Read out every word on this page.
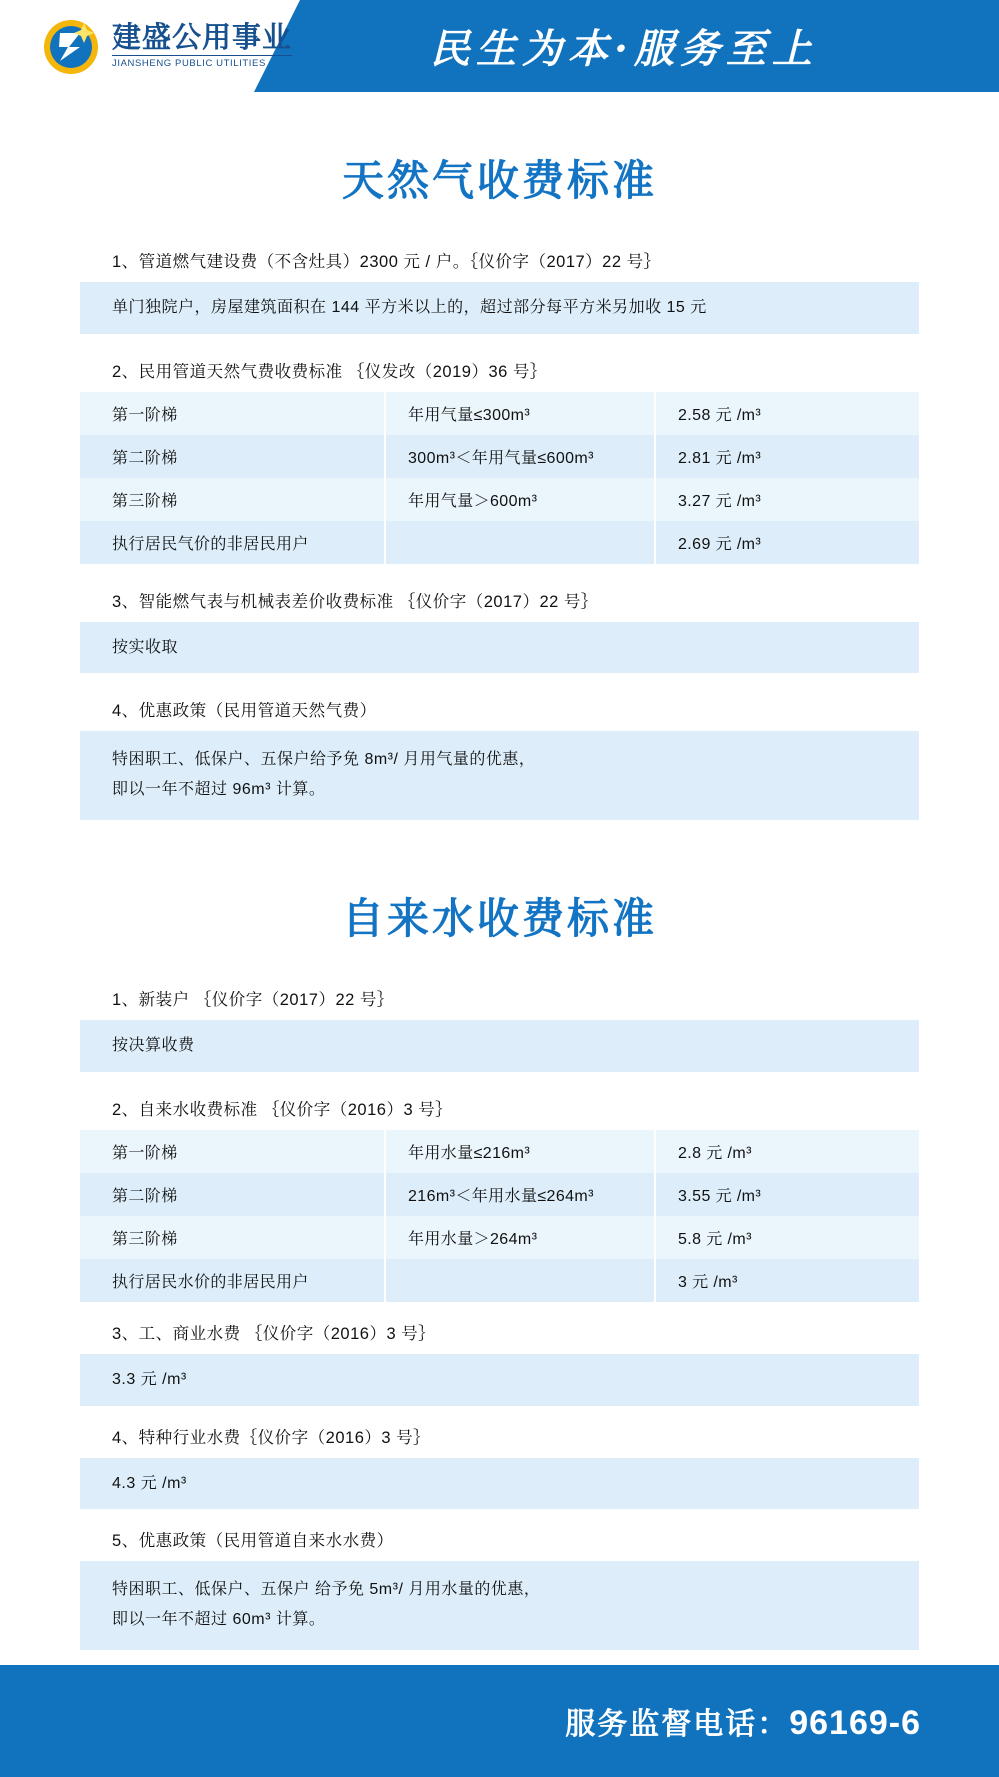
民生为本·服务至上
建盛公用事业
JIANSHENG PUBLIC UTILITIES
天然气收费标准
1、管道燃气建设费（不含灶具）2300 元 / 户。｛仪价字（2017）22 号｝
单门独院户，房屋建筑面积在 144 平方米以上的，超过部分每平方米另加收 15 元
2、民用管道天然气费收费标准 ｛仪发改（2019）36 号｝
第一阶梯	年用气量≤300m³	2.58 元 /m³
第二阶梯	300m³＜年用气量≤600m³	2.81 元 /m³
第三阶梯	年用气量＞600m³	3.27 元 /m³
执行居民气价的非居民用户		2.69 元 /m³
3、智能燃气表与机械表差价收费标准 ｛仪价字（2017）22 号｝
按实收取
4、优惠政策（民用管道天然气费）
特困职工、低保户、五保户给予免 8m³/ 月用气量的优惠，
即以一年不超过 96m³ 计算。
自来水收费标准
1、新装户 ｛仪价字（2017）22 号｝
按决算收费
2、自来水收费标准 ｛仪价字（2016）3 号｝
第一阶梯	年用水量≤216m³	2.8 元 /m³
第二阶梯	216m³＜年用水量≤264m³	3.55 元 /m³
第三阶梯	年用水量＞264m³	5.8 元 /m³
执行居民水价的非居民用户		3 元 /m³
3、工、商业水费 ｛仪价字（2016）3 号｝
3.3 元 /m³
4、特种行业水费｛仪价字（2016）3 号｝
4.3 元 /m³
5、优惠政策（民用管道自来水水费）
特困职工、低保户、五保户 给予免 5m³/ 月用水量的优惠，
即以一年不超过 60m³ 计算。
服务监督电话：96169-6
